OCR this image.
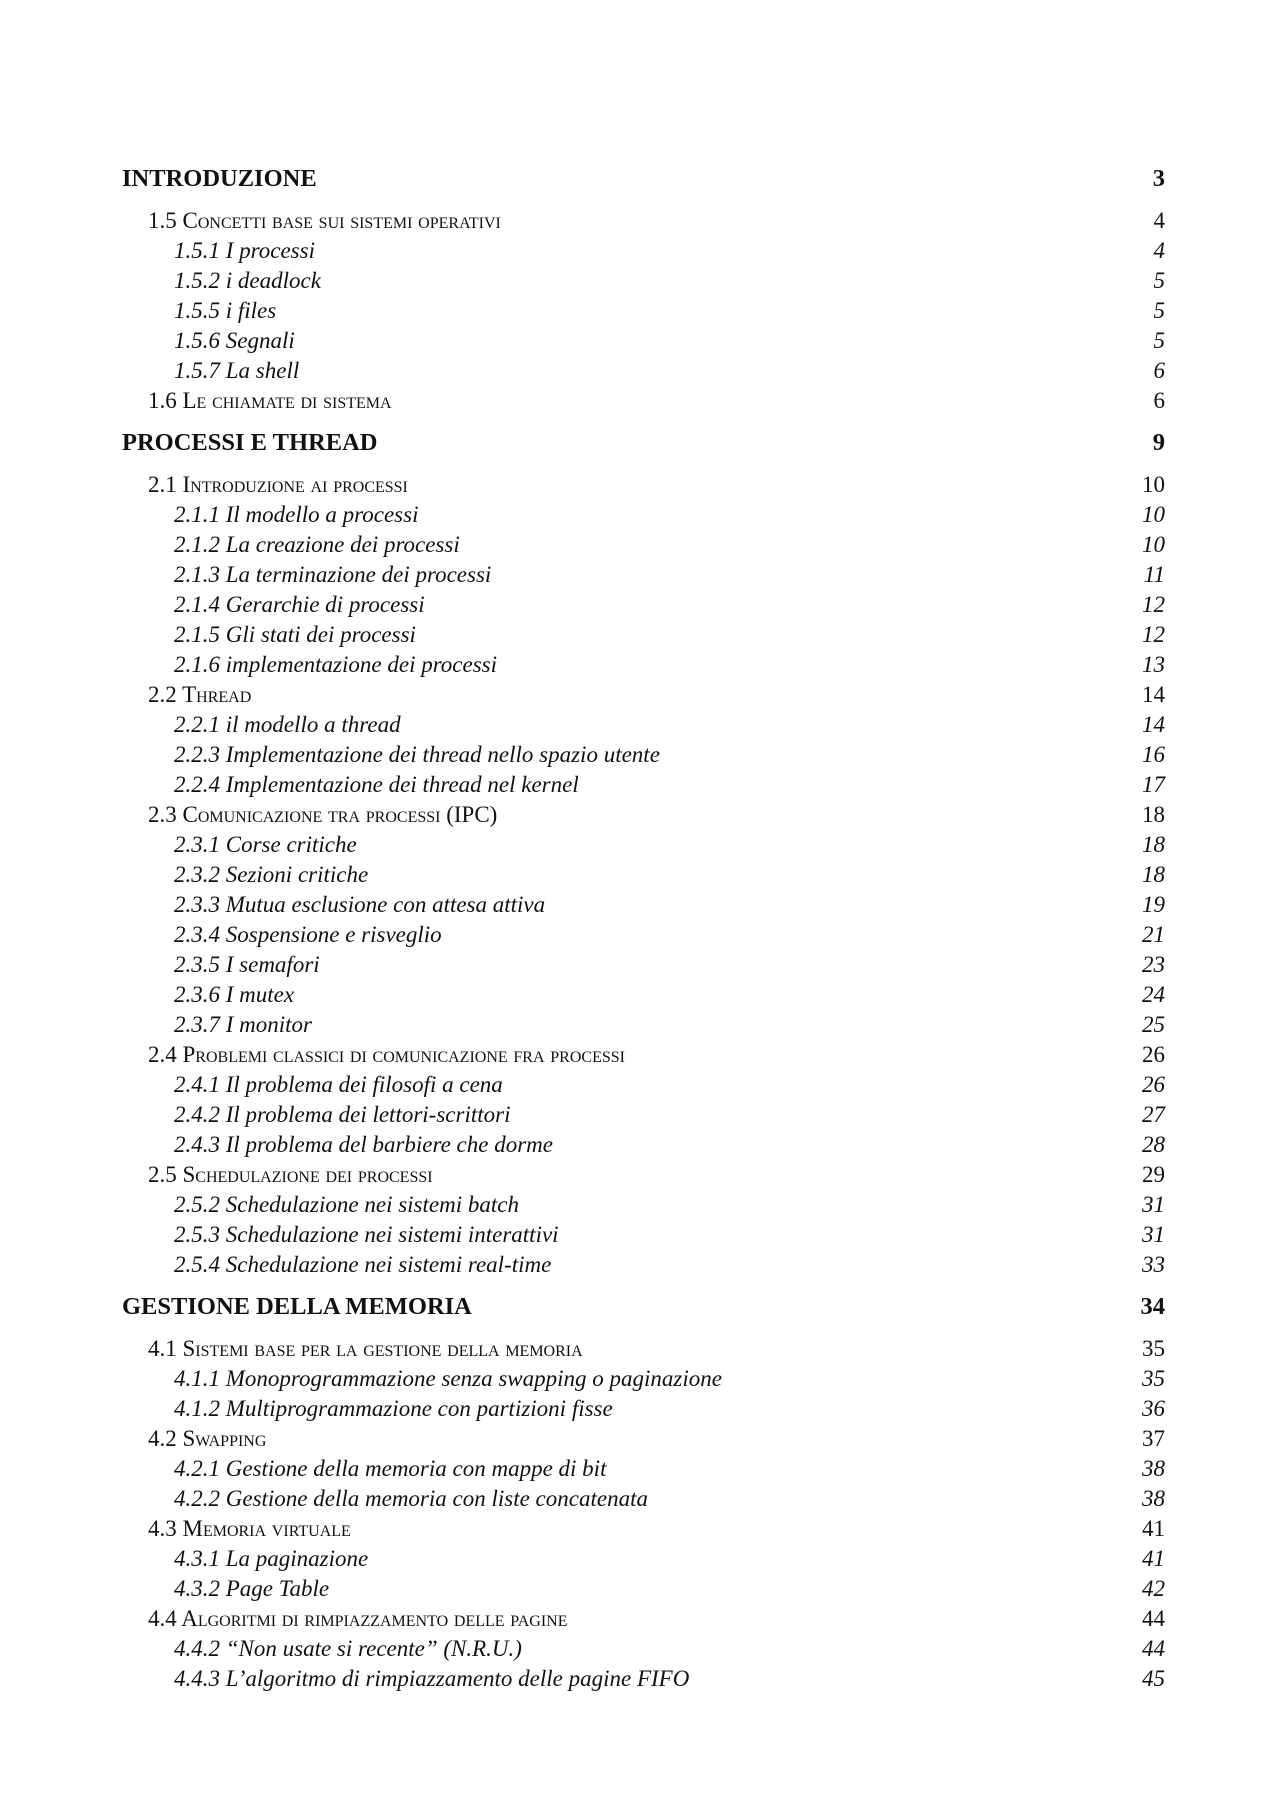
INTRODUZIONE	3
1.5 Concetti base sui sistemi operativi	4
1.5.1 I processi	4
1.5.2 i deadlock	5
1.5.5 i files	5
1.5.6 Segnali	5
1.5.7 La shell	6
1.6 Le chiamate di sistema	6
PROCESSI E THREAD	9
2.1 Introduzione ai processi	10
2.1.1 Il modello a processi	10
2.1.2 La creazione dei processi	10
2.1.3 La terminazione dei processi	11
2.1.4 Gerarchie di processi	12
2.1.5 Gli stati dei processi	12
2.1.6 implementazione dei processi	13
2.2 Thread	14
2.2.1 il modello a thread	14
2.2.3 Implementazione dei thread nello spazio utente	16
2.2.4 Implementazione dei thread nel kernel	17
2.3 Comunicazione tra processi (IPC)	18
2.3.1 Corse critiche	18
2.3.2 Sezioni critiche	18
2.3.3 Mutua esclusione con attesa attiva	19
2.3.4 Sospensione e risveglio	21
2.3.5 I semafori	23
2.3.6 I mutex	24
2.3.7 I monitor	25
2.4 Problemi classici di comunicazione fra processi	26
2.4.1 Il problema dei filosofi a cena	26
2.4.2 Il problema dei lettori-scrittori	27
2.4.3 Il problema del barbiere che dorme	28
2.5 Schedulazione dei processi	29
2.5.2 Schedulazione nei sistemi batch	31
2.5.3 Schedulazione nei sistemi interattivi	31
2.5.4 Schedulazione nei sistemi real-time	33
GESTIONE DELLA MEMORIA	34
4.1 Sistemi base per la gestione della memoria	35
4.1.1 Monoprogrammazione senza swapping o paginazione	35
4.1.2 Multiprogrammazione con partizioni fisse	36
4.2 Swapping	37
4.2.1 Gestione della memoria con mappe di bit	38
4.2.2 Gestione della memoria con liste concatenata	38
4.3 Memoria virtuale	41
4.3.1 La paginazione	41
4.3.2 Page Table	42
4.4 Algoritmi di rimpiazzamento delle pagine	44
4.4.2 “Non usate si recente” (N.R.U.)	44
4.4.3 L’algoritmo di rimpiazzamento delle pagine FIFO	45
